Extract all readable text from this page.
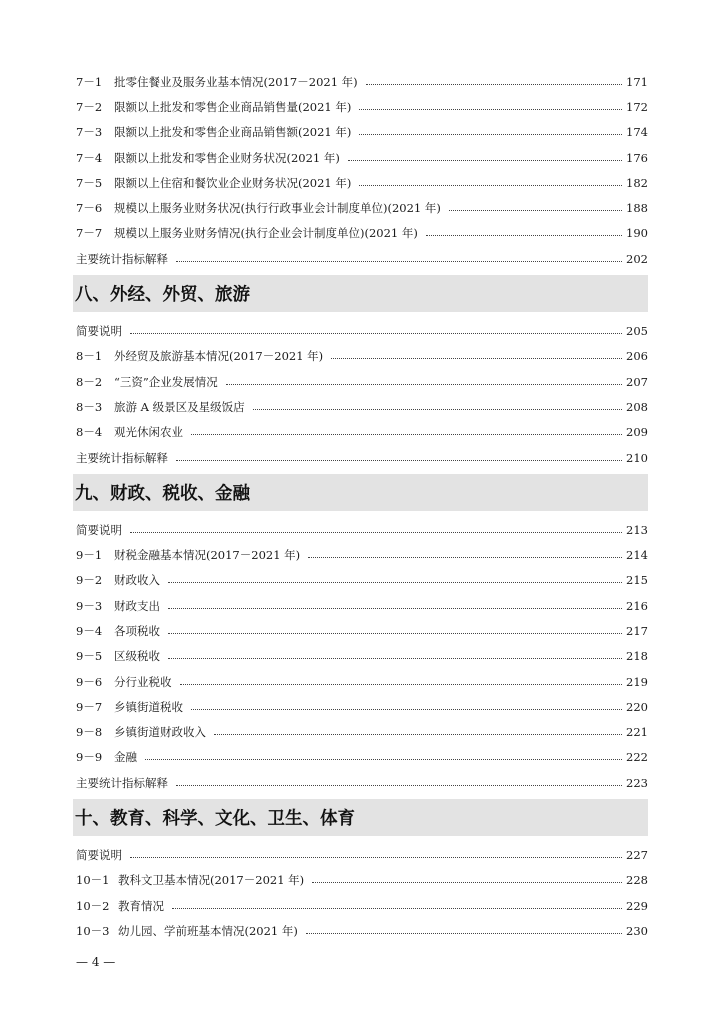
7－1	批零住餐业及服务业基本情况(2017－2021 年)	171
7－2	限额以上批发和零售企业商品销售量(2021 年)	172
7－3	限额以上批发和零售企业商品销售额(2021 年)	174
7－4	限额以上批发和零售企业财务状况(2021 年)	176
7－5	限额以上住宿和餐饮业企业财务状况(2021 年)	182
7－6	规模以上服务业财务状况(执行行政事业会计制度单位)(2021 年)	188
7－7	规模以上服务业财务情况(执行企业会计制度单位)(2021 年)	190
主要统计指标解释	202
八、外经、外贸、旅游
简要说明	205
8－1	外经贸及旅游基本情况(2017－2021 年)	206
8－2	“三资”企业发展情况	207
8－3	旅游 A 级景区及星级饭店	208
8－4	观光休闲农业	209
主要统计指标解释	210
九、财政、税收、金融
简要说明	213
9－1	财税金融基本情况(2017－2021 年)	214
9－2	财政收入	215
9－3	财政支出	216
9－4	各项税收	217
9－5	区级税收	218
9－6	分行业税收	219
9－7	乡镇街道税收	220
9－8	乡镇街道财政收入	221
9－9	金融	222
主要统计指标解释	223
十、教育、科学、文化、卫生、体育
简要说明	227
10－1 教科文卫基本情况(2017－2021 年)	228
10－2 教育情况	229
10－3 幼儿园、学前班基本情况(2021 年)	230
— 4 —
